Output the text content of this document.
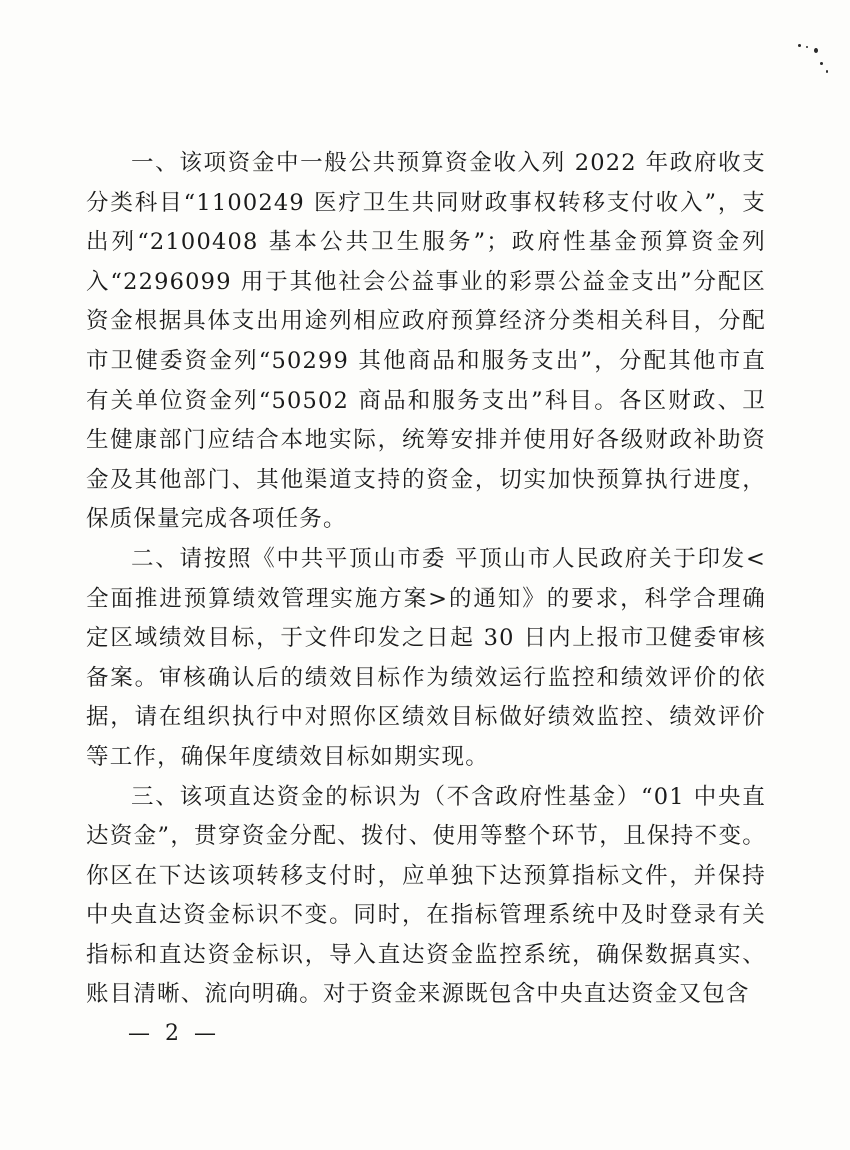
一、该项资金中一般公共预算资金收入列 2022 年政府收支分类科目“1100249 医疗卫生共同财政事权转移支付收入”，支出列“2100408 基本公共卫生服务”；政府性基金预算资金列入“2296099 用于其他社会公益事业的彩票公益金支出”分配区资金根据具体支出用途列相应政府预算经济分类相关科目，分配市卫健委资金列“50299 其他商品和服务支出”，分配其他市直有关单位资金列“50502 商品和服务支出”科目。各区财政、卫生健康部门应结合本地实际，统筹安排并使用好各级财政补助资金及其他部门、其他渠道支持的资金，切实加快预算执行进度，保质保量完成各项任务。

二、请按照《中共平顶山市委 平顶山市人民政府关于印发<全面推进预算绩效管理实施方案>的通知》的要求，科学合理确定区域绩效目标，于文件印发之日起 30 日内上报市卫健委审核备案。审核确认后的绩效目标作为绩效运行监控和绩效评价的依据，请在组织执行中对照你区绩效目标做好绩效监控、绩效评价等工作，确保年度绩效目标如期实现。

三、该项直达资金的标识为（不含政府性基金）“01 中央直达资金”，贯穿资金分配、拨付、使用等整个环节，且保持不变。你区在下达该项转移支付时，应单独下达预算指标文件，并保持中央直达资金标识不变。同时，在指标管理系统中及时登录有关指标和直达资金标识，导入直达资金监控系统，确保数据真实、账目清晰、流向明确。对于资金来源既包含中央直达资金又包含

— 2 —
